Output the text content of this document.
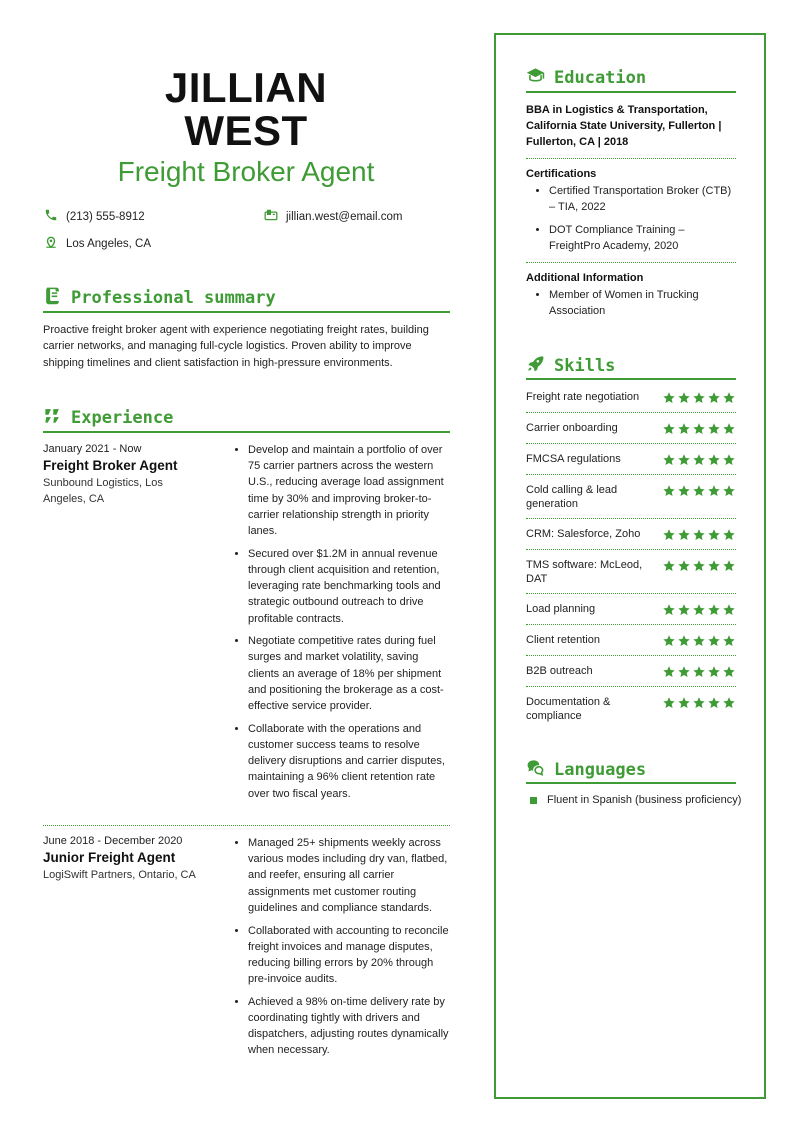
JILLIAN
WEST
Freight Broker Agent
(213) 555-8912	jillian.west@email.com
Los Angeles, CA
Professional summary
Proactive freight broker agent with experience negotiating freight rates, building carrier networks, and managing full-cycle logistics. Proven ability to improve shipping timelines and client satisfaction in high-pressure environments.
Experience
January 2021 - Now
Freight Broker Agent
Sunbound Logistics, Los Angeles, CA
• Develop and maintain a portfolio of over 75 carrier partners across the western U.S., reducing average load assignment time by 30% and improving broker-to-carrier relationship strength in priority lanes.
• Secured over $1.2M in annual revenue through client acquisition and retention, leveraging rate benchmarking tools and strategic outbound outreach to drive profitable contracts.
• Negotiate competitive rates during fuel surges and market volatility, saving clients an average of 18% per shipment and positioning the brokerage as a cost-effective service provider.
• Collaborate with the operations and customer success teams to resolve delivery disruptions and carrier disputes, maintaining a 96% client retention rate over two fiscal years.
June 2018 - December 2020
Junior Freight Agent
LogiSwift Partners, Ontario, CA
• Managed 25+ shipments weekly across various modes including dry van, flatbed, and reefer, ensuring all carrier assignments met customer routing guidelines and compliance standards.
• Collaborated with accounting to reconcile freight invoices and manage disputes, reducing billing errors by 20% through pre-invoice audits.
• Achieved a 98% on-time delivery rate by coordinating tightly with drivers and dispatchers, adjusting routes dynamically when necessary.
Education
BBA in Logistics & Transportation, California State University, Fullerton | Fullerton, CA | 2018
Certifications
• Certified Transportation Broker (CTB) – TIA, 2022
• DOT Compliance Training – FreightPro Academy, 2020
Additional Information
• Member of Women in Trucking Association
Skills
Freight rate negotiation
Carrier onboarding
FMCSA regulations
Cold calling & lead generation
CRM: Salesforce, Zoho
TMS software: McLeod, DAT
Load planning
Client retention
B2B outreach
Documentation & compliance
Languages
Fluent in Spanish (business proficiency)
